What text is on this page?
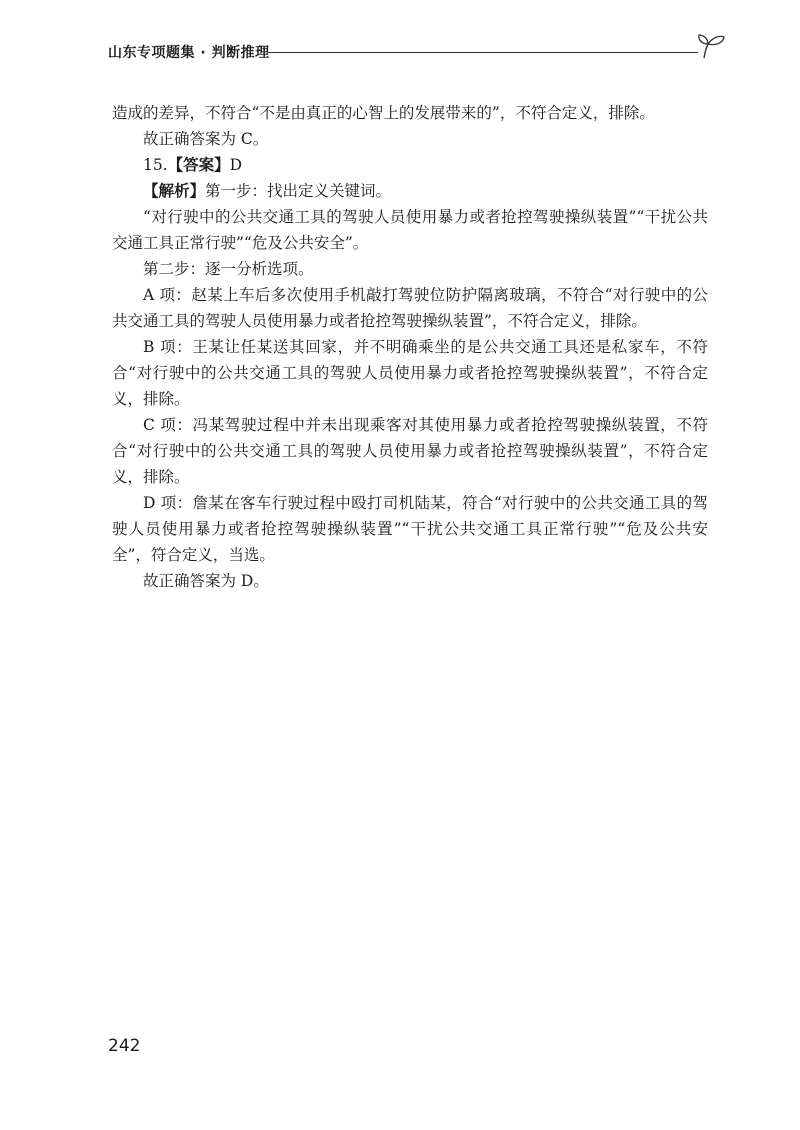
山东专项题集 · 判断推理

造成的差异，不符合“不是由真正的心智上的发展带来的”，不符合定义，排除。

故正确答案为 C。

15.【答案】D

【解析】第一步：找出定义关键词。

“对行驶中的公共交通工具的驾驶人员使用暴力或者抢控驾驶操纵装置”“干扰公共交通工具正常行驶”“危及公共安全”。

第二步：逐一分析选项。

A 项：赵某上车后多次使用手机敲打驾驶位防护隔离玻璃，不符合“对行驶中的公共交通工具的驾驶人员使用暴力或者抢控驾驶操纵装置”，不符合定义，排除。

B 项：王某让任某送其回家，并不明确乘坐的是公共交通工具还是私家车，不符合“对行驶中的公共交通工具的驾驶人员使用暴力或者抢控驾驶操纵装置”，不符合定义，排除。

C 项：冯某驾驶过程中并未出现乘客对其使用暴力或者抢控驾驶操纵装置，不符合“对行驶中的公共交通工具的驾驶人员使用暴力或者抢控驾驶操纵装置”，不符合定义，排除。

D 项：詹某在客车行驶过程中殴打司机陆某，符合“对行驶中的公共交通工具的驾驶人员使用暴力或者抢控驾驶操纵装置”“干扰公共交通工具正常行驶”“危及公共安全”，符合定义，当选。

故正确答案为 D。

242
